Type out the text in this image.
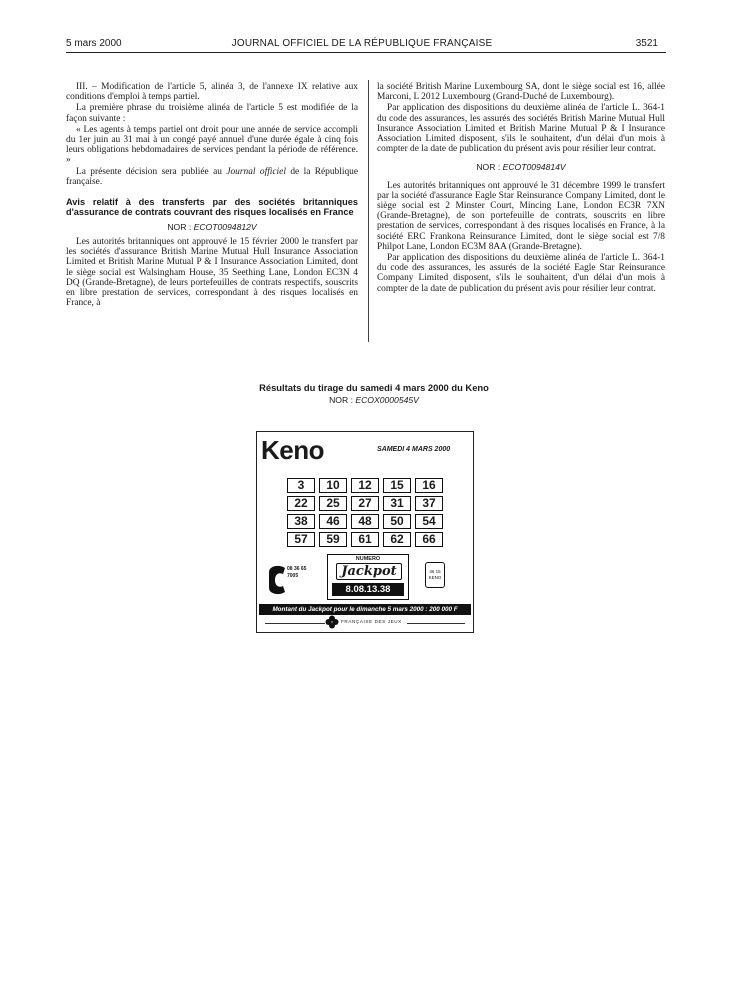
5 mars 2000	JOURNAL OFFICIEL DE LA RÉPUBLIQUE FRANÇAISE	3521

III. – Modification de l'article 5, alinéa 3, de l'annexe IX relative aux conditions d'emploi à temps partiel.

La première phrase du troisième alinéa de l'article 5 est modifiée de la façon suivante :

« Les agents à temps partiel ont droit pour une année de service accompli du 1er juin au 31 mai à un congé payé annuel d'une durée égale à cinq fois leurs obligations hebdomadaires de services pendant la période de référence. »

La présente décision sera publiée au Journal officiel de la République française.

Avis relatif à des transferts par des sociétés britanniques d'assurance de contrats couvrant des risques localisés en France
NOR : ECOT0094812V

Les autorités britanniques ont approuvé le 15 février 2000 le transfert par les sociétés d'assurance British Marine Mutual Hull Insurance Association Limited et British Marine Mutual P & I Insurance Association Limited, dont le siège social est Walsingham House, 35 Seething Lane, London EC3N 4 DQ (Grande-Bretagne), de leurs portefeuilles de contrats respectifs, souscrits en libre prestation de services, correspondant à des risques localisés en France, à

la société British Marine Luxembourg SA, dont le siège social est 16, allée Marconi, L 2012 Luxembourg (Grand-Duché de Luxembourg).

Par application des dispositions du deuxième alinéa de l'article L. 364-1 du code des assurances, les assurés des sociétés British Marine Mutual Hull Insurance Association Limited et British Marine Mutual P & I Insurance Association Limited disposent, s'ils le souhaitent, d'un délai d'un mois à compter de la date de publication du présent avis pour résilier leur contrat.

NOR : ECOT0094814V

Les autorités britanniques ont approuvé le 31 décembre 1999 le transfert par la société d'assurance Eagle Star Reinsurance Company Limited, dont le siège social est 2 Minster Court, Mincing Lane, London EC3R 7XN (Grande-Bretagne), de son portefeuille de contrats, souscrits en libre prestation de services, correspondant à des risques localisés en France, à la société ERC Frankona Reinsurance Limited, dont le siège social est 7/8 Philpot Lane, London EC3M 8AA (Grande-Bretagne).

Par application des dispositions du deuxième alinéa de l'article L. 364-1 du code des assurances, les assurés de la société Eagle Star Reinsurance Company Limited disposent, s'ils le souhaitent, d'un délai d'un mois à compter de la date de publication du présent avis pour résilier leur contrat.

Résultats du tirage du samedi 4 mars 2000 du Keno
NOR : ECOX0000545V
Keno	SAMEDI 4 MARS 2000
3	10	12	15	16
22	25	27	31	37
38	46	48	50	54
57	59	61	62	66
08 36 65
7005
NUMERO
Jackpot
8.08.13.38
36 15
KENO
Montant du Jackpot pour le dimanche 5 mars 2000 : 200 000 F
FRANÇAISE DES JEUX
